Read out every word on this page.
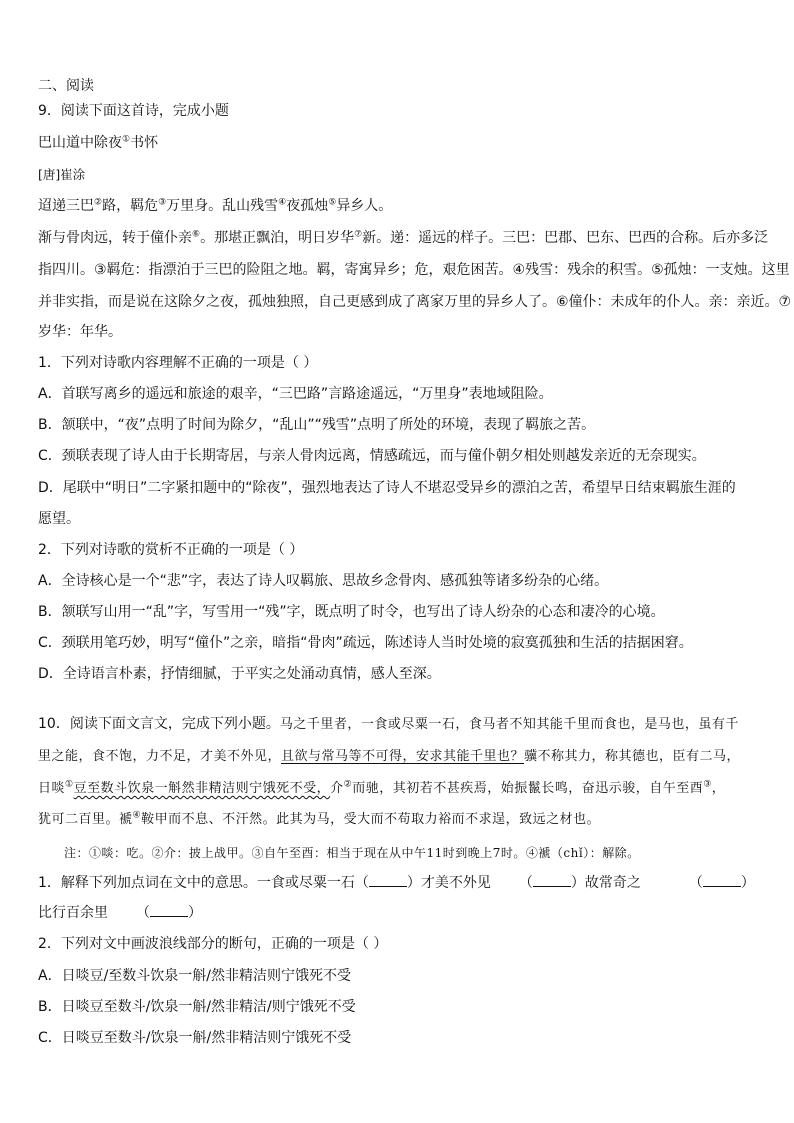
二、阅读
9．阅读下面这首诗，完成小题
巴山道中除夜①书怀
[唐]崔涂
迢递三巴②路，羁危③万里身。乱山残雪④夜孤烛⑤异乡人。
渐与骨肉远，转于僮仆亲⑥。那堪正飘泊，明日岁华⑦新。递：遥远的样子。三巴：巴郡、巴东、巴西的合称。后亦多泛
指四川。③羁危：指漂泊于三巴的险阻之地。羁，寄寓异乡；危，艰危困苦。④残雪：残余的积雪。⑤孤烛：一支烛。这里
并非实指，而是说在这除夕之夜，孤烛独照，自己更感到成了离家万里的异乡人了。⑥僮仆：未成年的仆人。亲：亲近。⑦
岁华：年华。
1．下列对诗歌内容理解不正确的一项是（ ）
A．首联写离乡的遥远和旅途的艰辛，“三巴路”言路途遥远，“万里身”表地域阻险。
B．颔联中，“夜”点明了时间为除夕，“乱山”“残雪”点明了所处的环境，表现了羁旅之苦。
C．颈联表现了诗人由于长期寄居，与亲人骨肉远离，情感疏远，而与僮仆朝夕相处则越发亲近的无奈现实。
D．尾联中“明日”二字紧扣题中的“除夜”，强烈地表达了诗人不堪忍受异乡的漂泊之苦，希望早日结束羁旅生涯的
愿望。
2．下列对诗歌的赏析不正确的一项是（ ）
A．全诗核心是一个“悲”字，表达了诗人叹羁旅、思故乡念骨肉、感孤独等诸多纷杂的心绪。
B．颔联写山用一“乱”字，写雪用一“残”字，既点明了时令，也写出了诗人纷杂的心态和凄冷的心境。
C．颈联用笔巧妙，明写“僮仆”之亲，暗指“骨肉”疏远，陈述诗人当时处境的寂寞孤独和生活的拮据困窘。
D．全诗语言朴素，抒情细腻，于平实之处涌动真情，感人至深。
10．阅读下面文言文，完成下列小题。马之千里者，一食或尽粟一石，食马者不知其能千里而食也，是马也，虽有千
里之能，食不饱，力不足，才美不外见，且欲与常马等不可得，安求其能千里也？骥不称其力，称其德也，臣有二马，
日啖①豆至数斗饮泉一斛然非精洁则宁饿死不受，介②而驰，其初若不甚疾焉，始振鬣长鸣，奋迅示骏，自午至酉③，
犹可二百里。褫④鞍甲而不息、不汗然。此其为马，受大而不苟取力裕而不求逞，致远之材也。
注：①啖：吃。②介：披上战甲。③自午至酉：相当于现在从中午11时到晚上7时。④褫（chǐ）：解除。
1．解释下列加点词在文中的意思。一食或尽粟一石（	）才美不外见 （	）故常奇之	（	）
比行百余里 （	）
2．下列对文中画波浪线部分的断句，正确的一项是（ ）
A．日啖豆/至数斗饮泉一斛/然非精洁则宁饿死不受
B．日啖豆至数斗/饮泉一斛/然非精洁/则宁饿死不受
C．日啖豆至数斗/饮泉一斛/然非精洁则宁饿死不受
